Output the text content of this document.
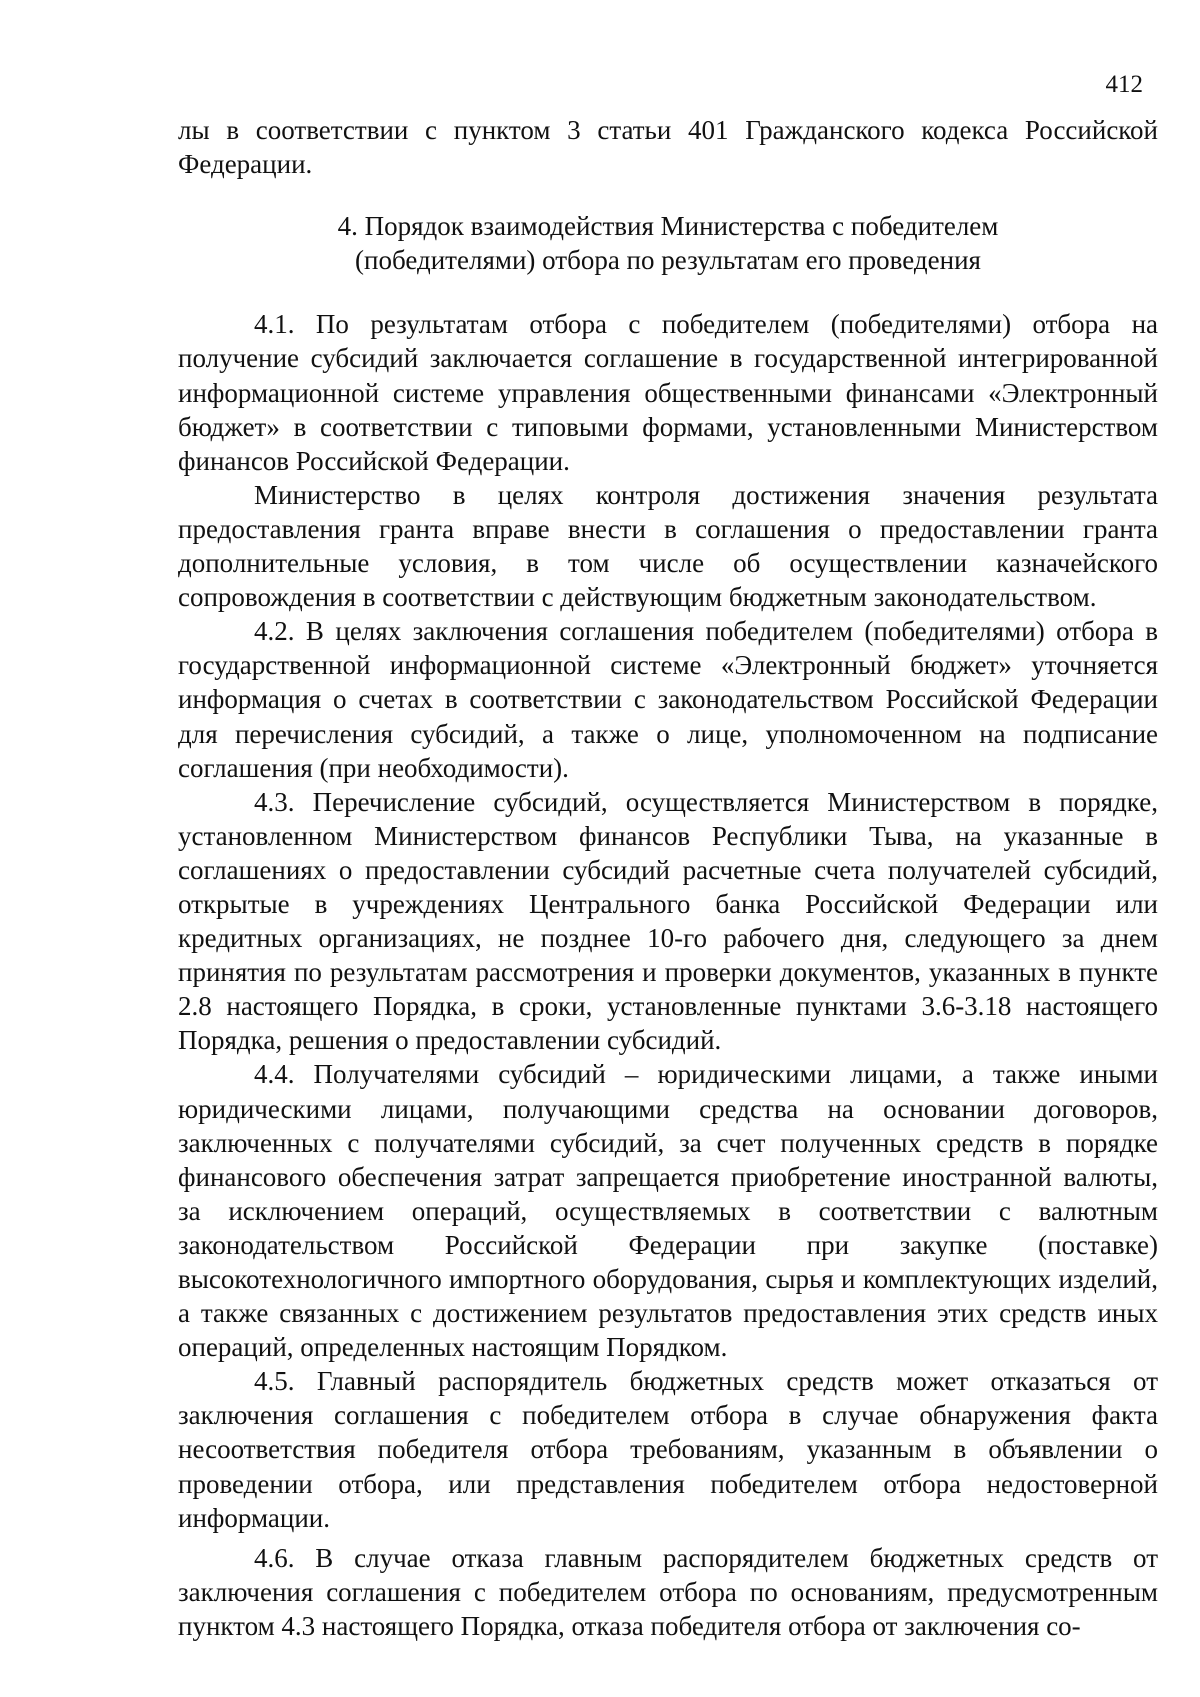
412

лы в соответствии с пунктом 3 статьи 401 Гражданского кодекса Российской Федерации.

4. Порядок взаимодействия Министерства с победителем
(победителями) отбора по результатам его проведения

4.1. По результатам отбора с победителем (победителями) отбора на получение субсидий заключается соглашение в государственной интегрированной информационной системе управления общественными финансами «Электронный бюджет» в соответствии с типовыми формами, установленными Министерством финансов Российской Федерации.

Министерство в целях контроля достижения значения результата предоставления гранта вправе внести в соглашения о предоставлении гранта дополнительные условия, в том числе об осуществлении казначейского сопровождения в соответствии с действующим бюджетным законодательством.

4.2. В целях заключения соглашения победителем (победителями) отбора в государственной информационной системе «Электронный бюджет» уточняется информация о счетах в соответствии с законодательством Российской Федерации для перечисления субсидий, а также о лице, уполномоченном на подписание соглашения (при необходимости).

4.3. Перечисление субсидий, осуществляется Министерством в порядке, установленном Министерством финансов Республики Тыва, на указанные в соглашениях о предоставлении субсидий расчетные счета получателей субсидий, открытые в учреждениях Центрального банка Российской Федерации или кредитных организациях, не позднее 10-го рабочего дня, следующего за днем принятия по результатам рассмотрения и проверки документов, указанных в пункте 2.8 настоящего Порядка, в сроки, установленные пунктами 3.6-3.18 настоящего Порядка, решения о предоставлении субсидий.

4.4. Получателями субсидий – юридическими лицами, а также иными юридическими лицами, получающими средства на основании договоров, заключенных с получателями субсидий, за счет полученных средств в порядке финансового обеспечения затрат запрещается приобретение иностранной валюты, за исключением операций, осуществляемых в соответствии с валютным законодательством Российской Федерации при закупке (поставке) высокотехнологичного импортного оборудования, сырья и комплектующих изделий, а также связанных с достижением результатов предоставления этих средств иных операций, определенных настоящим Порядком.

4.5. Главный распорядитель бюджетных средств может отказаться от заключения соглашения с победителем отбора в случае обнаружения факта несоответствия победителя отбора требованиям, указанным в объявлении о проведении отбора, или представления победителем отбора недостоверной информации.

4.6. В случае отказа главным распорядителем бюджетных средств от заключения соглашения с победителем отбора по основаниям, предусмотренным пунктом 4.3 настоящего Порядка, отказа победителя отбора от заключения со-
